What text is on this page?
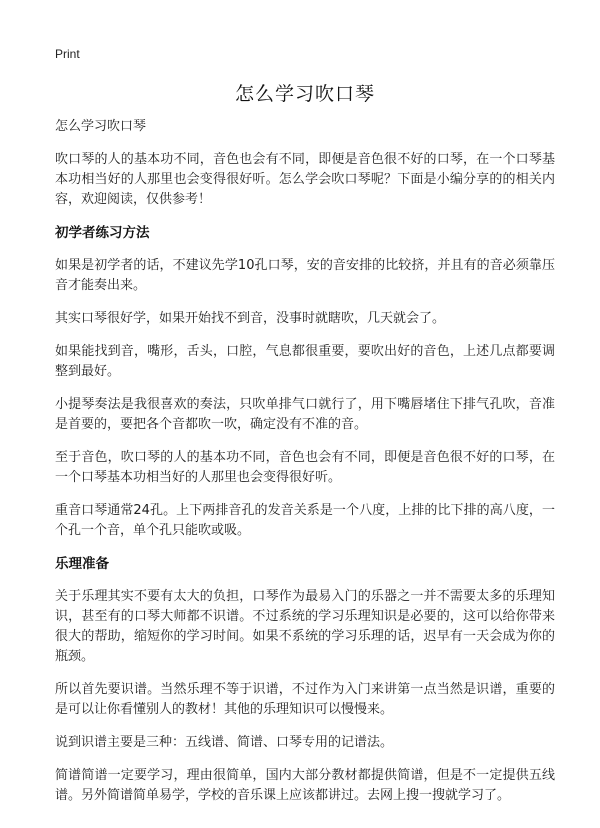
Print
怎么学习吹口琴

怎么学习吹口琴

吹口琴的人的基本功不同，音色也会有不同，即便是音色很不好的口琴，在一个口琴基本功相当好的人那里也会变得很好听。怎么学会吹口琴呢？下面是小编分享的的相关内容，欢迎阅读，仅供参考！

初学者练习方法

如果是初学者的话，不建议先学10孔口琴，安的音安排的比较挤，并且有的音必须靠压音才能奏出来。

其实口琴很好学，如果开始找不到音，没事时就瞎吹，几天就会了。

如果能找到音，嘴形，舌头，口腔，气息都很重要，要吹出好的音色，上述几点都要调整到最好。

小提琴奏法是我很喜欢的奏法，只吹单排气口就行了，用下嘴唇堵住下排气孔吹，音准是首要的，要把各个音都吹一吹，确定没有不准的音。

至于音色，吹口琴的人的基本功不同，音色也会有不同，即便是音色很不好的口琴，在一个口琴基本功相当好的人那里也会变得很好听。

重音口琴通常24孔。上下两排音孔的发音关系是一个八度，上排的比下排的高八度，一个孔一个音，单个孔只能吹或吸。

乐理准备

关于乐理其实不要有太大的负担，口琴作为最易入门的乐器之一并不需要太多的乐理知识，甚至有的口琴大师都不识谱。不过系统的学习乐理知识是必要的，这可以给你带来很大的帮助，缩短你的学习时间。如果不系统的学习乐理的话，迟早有一天会成为你的瓶颈。

所以首先要识谱。当然乐理不等于识谱，不过作为入门来讲第一点当然是识谱，重要的是可以让你看懂别人的教材！其他的乐理知识可以慢慢来。

说到识谱主要是三种：五线谱、简谱、口琴专用的记谱法。

简谱简谱一定要学习，理由很简单，国内大部分教材都提供简谱，但是不一定提供五线谱。另外简谱简单易学，学校的音乐课上应该都讲过。去网上搜一搜就学习了。
